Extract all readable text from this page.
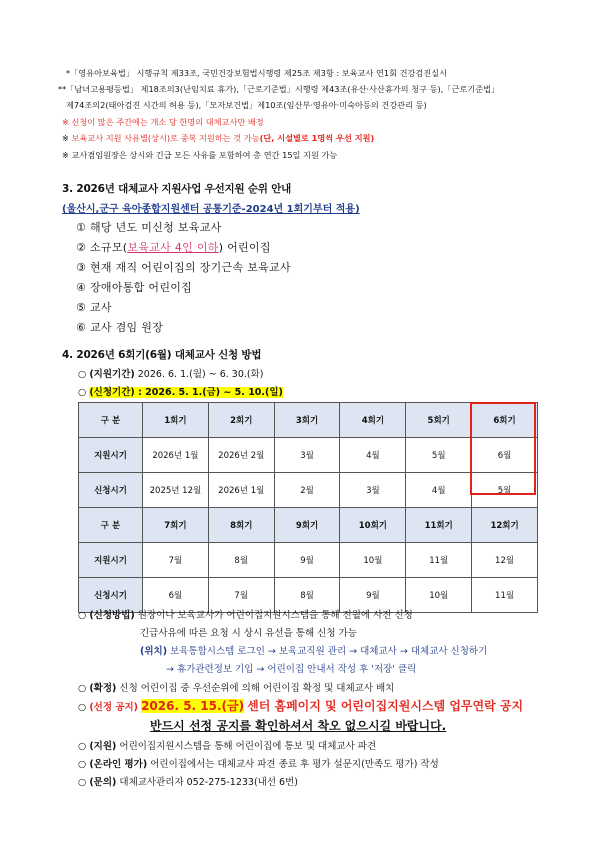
*「영유아보육법」 시행규칙 제33조, 국민건강보험법시행령 제25조 제3항 : 보육교사 연1회 건강검진실시
**「남녀고용평등법」 제18조의3(난임치료 휴가),「근로기준법」시행령 제43조(유산·사산휴가의 청구 등),「근로기준법」
제74조의2(태아검진 시간의 허용 등),「모자보건법」제10조(임산부·영유아·미숙아등의 건강관리 등)
※ 신청이 많은 주간에는 개소 당 한명의 대체교사만 배정
※ 보육교사 지원 사유별(상시)로 중복 지원하는 것 가능(단, 시설별로 1명씩 우선 지원)
※ 교사겸임원장은 상시와 긴급 모든 사유를 포함하여 총 연간 15일 지원 가능
3. 2026년 대체교사 지원사업 우선지원 순위 안내
(울산시,군구 육아종합지원센터 공통기준-2024년 1회기부터 적용)
① 해당 년도 미신청 보육교사
② 소규모(보육교사 4인 이하) 어린이집
③ 현재 재직 어린이집의 장기근속 보육교사
④ 장애아통합 어린이집
⑤ 교사
⑥ 교사 겸임 원장
4. 2026년 6회기(6월) 대체교사 신청 방법
○ (지원기간) 2026. 6. 1.(월) ~ 6. 30.(화)
○ (신청기간) : 2026. 5. 1.(금) ~ 5. 10.(일)
구 분	1회기	2회기	3회기	4회기	5회기	6회기
지원시기	2026년 1월	2026년 2월	3월	4월	5월	6월
신청시기	2025년 12월	2026년 1월	2월	3월	4월	5월
구 분	7회기	8회기	9회기	10회기	11회기	12회기
지원시기	7월	8월	9월	10월	11월	12월
신청시기	6월	7월	8월	9월	10월	11월
○ (신청방법) 원장이나 보육교사가 어린이집지원시스템을 통해 전월에 사전 신청
긴급사유에 따른 요청 시 상시 유선을 통해 신청 가능
(위치) 보육통합시스템 로그인 → 보육교직원 관리 → 대체교사 → 대체교사 신청하기
→ 휴가관련정보 기입 → 어린이집 안내서 작성 후 '저장' 클릭
○ (확정) 신청 어린이집 중 우선순위에 의해 어린이집 확정 및 대체교사 배치
○ (선정 공지) 2026. 5. 15.(금) 센터 홈페이지 및 어린이집지원시스템 업무연락 공지
반드시 선정 공지를 확인하셔서 착오 없으시길 바랍니다.
○ (지원) 어린이집지원시스템을 통해 어린이집에 통보 및 대체교사 파견
○ (온라인 평가) 어린이집에서는 대체교사 파견 종료 후 평가 설문지(만족도 평가) 작성
○ (문의) 대체교사관리자 052-275-1233(내선 6번)
